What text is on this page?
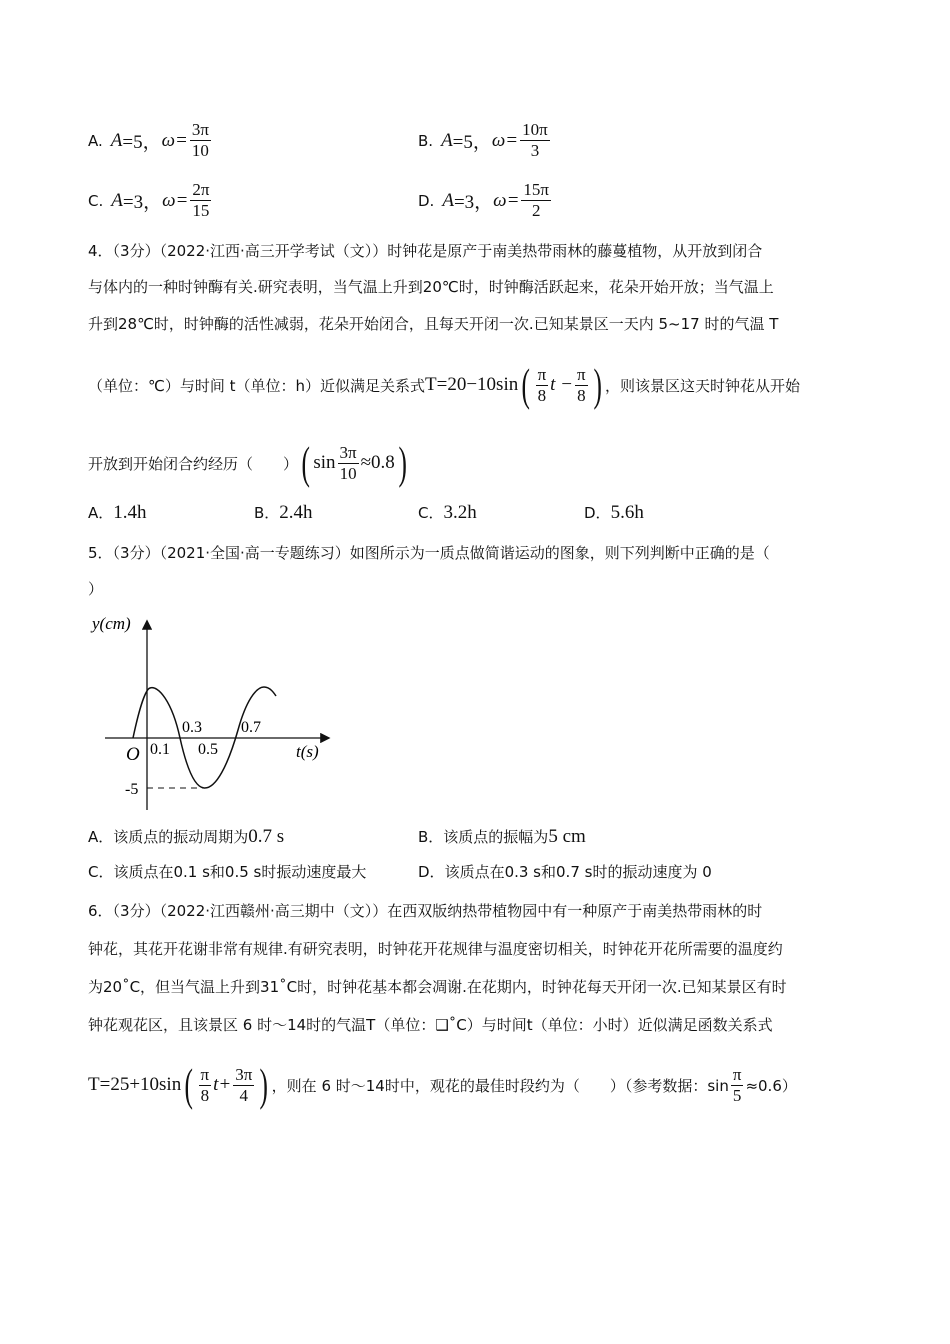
A. A =5， $\omega= \frac{3\pi}{10}$	B. A =5， $\omega= \frac{10\pi}{3}$
C. A =3， $\omega= \frac{2\pi}{15}$	D. A =3， $\omega= \frac{15\pi}{2}$
4．（3分）（2022·江西·高三开学考试（文））时钟花是原产于南美热带雨林的藤蔓植物，从开放到闭合
与体内的一种时钟酶有关.研究表明，当气温上升到20℃时，时钟酶活跃起来，花朵开始开放；当气温上
升到28℃时，时钟酶的活性减弱，花朵开始闭合，且每天开闭一次.已知某景区一天内 5~17 时的气温 T
（单位：℃）与时间 t（单位：h）近似满足关系式 T=20−10sin ( $\frac{\pi}{8}$ $t - \frac{\pi}{8}$ ) ，则该景区这天时钟花从开始
开放到开始闭合约经历（　　） ( $\sin \frac{3\pi}{10} \approx 0.8$ )
A．1.4h	B．2.4h	C．3.2h	D．5.6h
5．（3分）（2021·全国·高一专题练习）如图所示为一质点做简谐运动的图象，则下列判断中正确的是（
）
y(cm)
t(s)
O 0.1
0.3
0.5
0.7
-5
A．该质点的振动周期为0.7 s	B．该质点的振幅为5 cm
C．该质点在0.1 s和0.5 s时振动速度最大	D．该质点在0.3 s和0.7 s时的振动速度为 0
6．（3分）（2022·江西赣州·高三期中（文））在西双版纳热带植物园中有一种原产于南美热带雨林的时
钟花，其花开花谢非常有规律.有研究表明，时钟花开花规律与温度密切相关，时钟花开花所需要的温度约
为20˚C，但当气温上升到31˚C时，时钟花基本都会凋谢.在花期内，时钟花每天开闭一次.已知某景区有时
钟花观花区，且该景区 6 时～14时的气温T（单位：❑˚C）与时间t（单位：小时）近似满足函数关系式
T=25+10sin ( $\frac{\pi}{8} t+ \frac{3\pi}{4}$ ) ，则在 6 时～14时中，观花的最佳时段约为（　　）（参考数据：$\sin \frac{\pi}{5} \approx 0.6$）
